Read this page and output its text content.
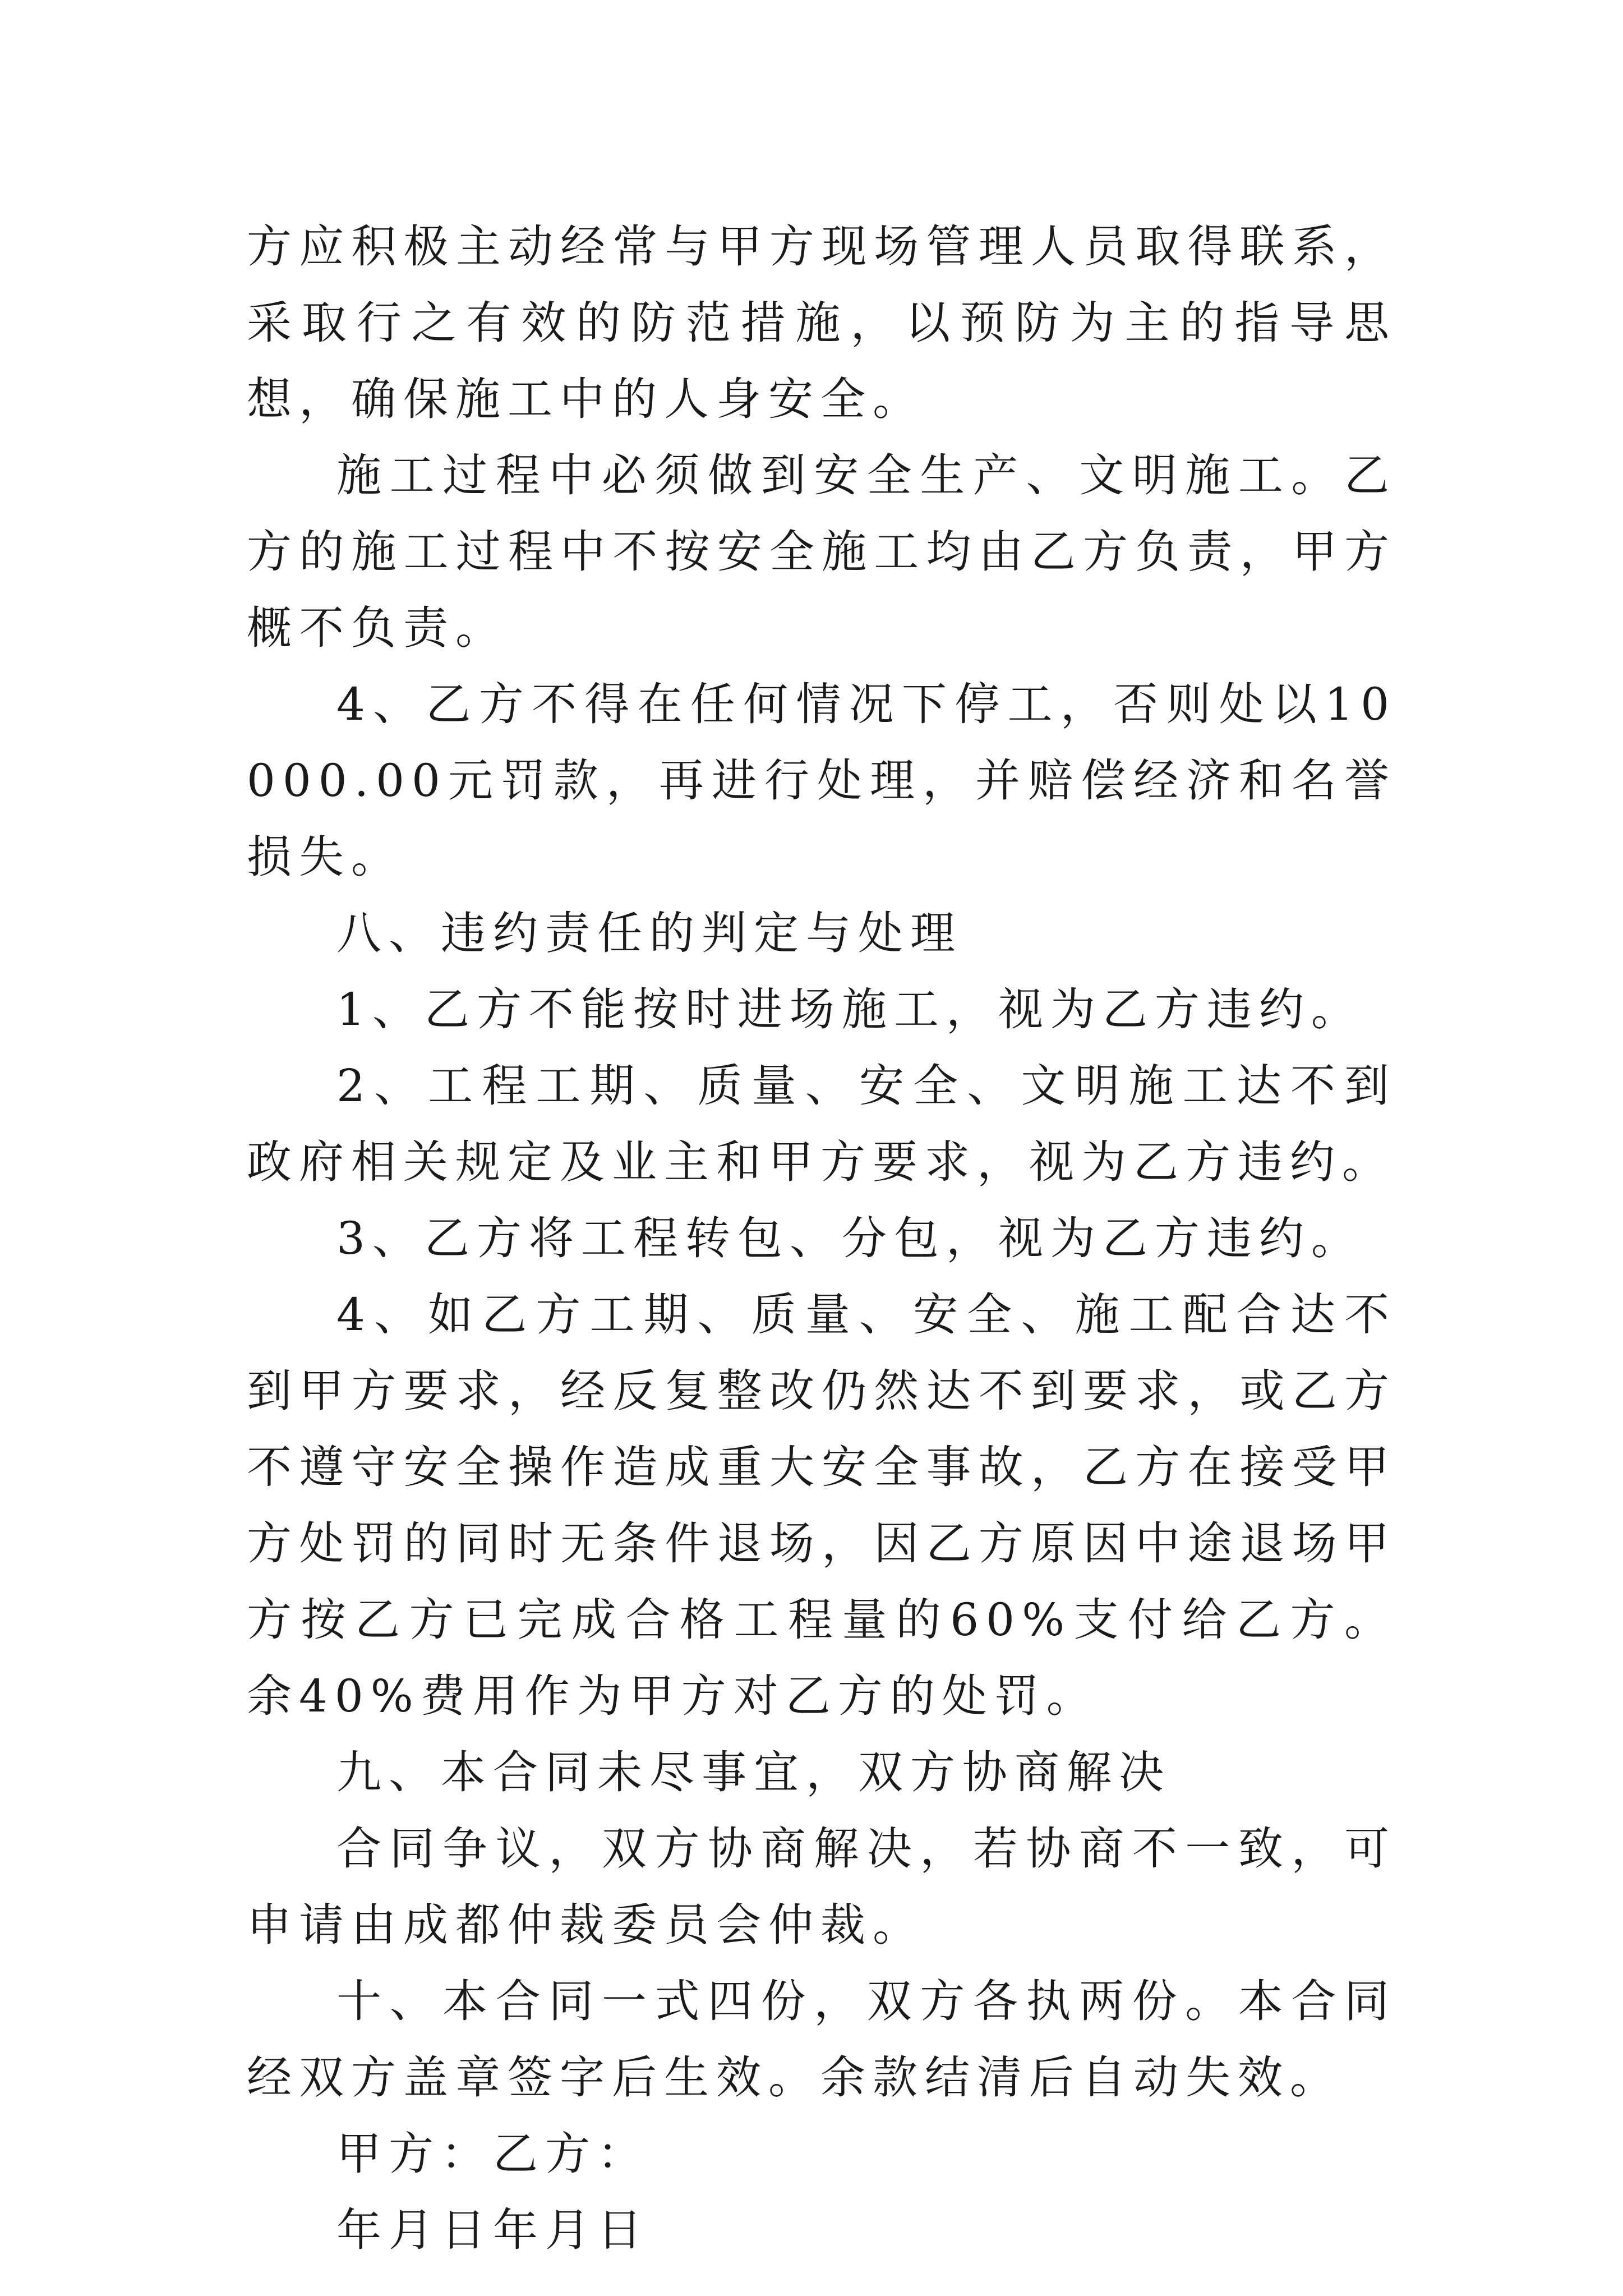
方应积极主动经常与甲方现场管理人员取得联系，采取行之有效的防范措施，以预防为主的指导思想，确保施工中的人身安全。

施工过程中必须做到安全生产、文明施工。乙方的施工过程中不按安全施工均由乙方负责，甲方概不负责。

4、乙方不得在任何情况下停工，否则处以10000.00元罚款，再进行处理，并赔偿经济和名誉损失。

八、违约责任的判定与处理

1、乙方不能按时进场施工，视为乙方违约。

2、工程工期、质量、安全、文明施工达不到政府相关规定及业主和甲方要求，视为乙方违约。

3、乙方将工程转包、分包，视为乙方违约。

4、如乙方工期、质量、安全、施工配合达不到甲方要求，经反复整改仍然达不到要求，或乙方不遵守安全操作造成重大安全事故，乙方在接受甲方处罚的同时无条件退场，因乙方原因中途退场甲方按乙方已完成合格工程量的60%支付给乙方。余40%费用作为甲方对乙方的处罚。

九、本合同未尽事宜，双方协商解决

合同争议，双方协商解决，若协商不一致，可申请由成都仲裁委员会仲裁。

十、本合同一式四份，双方各执两份。本合同经双方盖章签字后生效。余款结清后自动失效。

甲方：乙方：

年月日年月日
